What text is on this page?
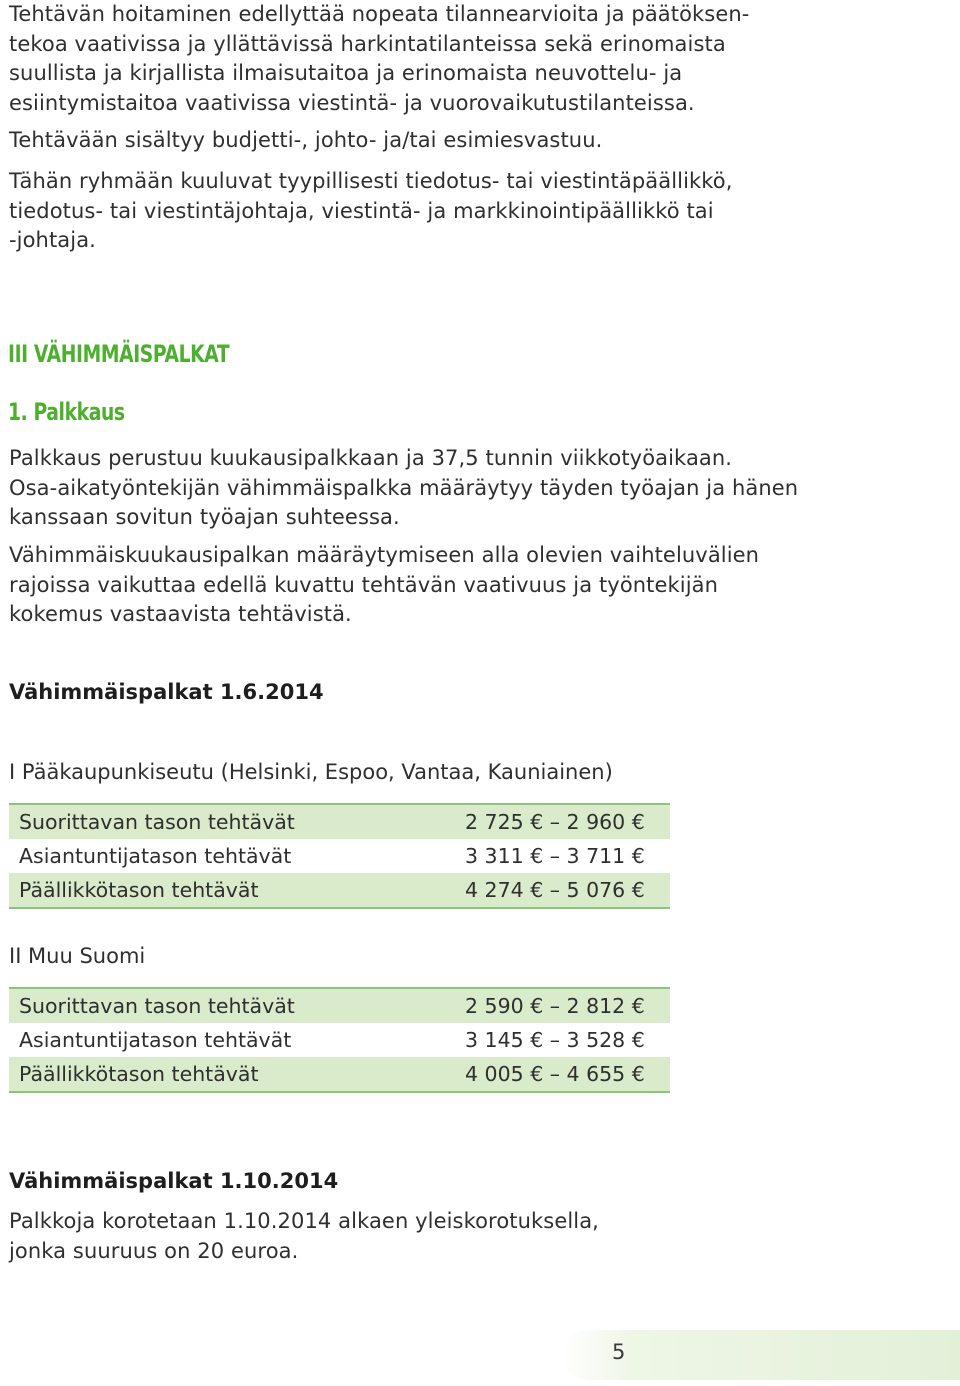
Tehtävän hoitaminen edellyttää nopeata tilannearvioita ja päätöksen-
tekoa vaativissa ja yllättävissä harkintatilanteissa sekä erinomaista
suullista ja kirjallista ilmaisutaitoa ja erinomaista neuvottelu- ja
esiintymistaitoa vaativissa viestintä- ja vuorovaikutustilanteissa.
Tehtävään sisältyy budjetti-, johto- ja/tai esimiesvastuu.
Tähän ryhmään kuuluvat tyypillisesti tiedotus- tai viestintäpäällikkö,
tiedotus- tai viestintäjohtaja, viestintä- ja markkinointipäällikkö tai
-johtaja.
III VÄHIMMÄISPALKAT
1. Palkkaus
Palkkaus perustuu kuukausipalkkaan ja 37,5 tunnin viikkotyöaikaan.
Osa-aikatyöntekijän vähimmäispalkka määräytyy täyden työajan ja hänen
kanssaan sovitun työajan suhteessa.
Vähimmäiskuukausipalkan määräytymiseen alla olevien vaihteluvälien
rajoissa vaikuttaa edellä kuvattu tehtävän vaativuus ja työntekijän
kokemus vastaavista tehtävistä.
Vähimmäispalkat 1.6.2014
I Pääkaupunkiseutu (Helsinki, Espoo, Vantaa, Kauniainen)
Suorittavan tason tehtävät	2 725 € – 2 960 €
Asiantuntijatason tehtävät	3 311 € – 3 711 €
Päällikkötason tehtävät	4 274 € – 5 076 €
II Muu Suomi
Suorittavan tason tehtävät	2 590 € – 2 812 €
Asiantuntijatason tehtävät	3 145 € – 3 528 €
Päällikkötason tehtävät	4 005 € – 4 655 €
Vähimmäispalkat 1.10.2014
Palkkoja korotetaan 1.10.2014 alkaen yleiskorotuksella,
jonka suuruus on 20 euroa.
5
